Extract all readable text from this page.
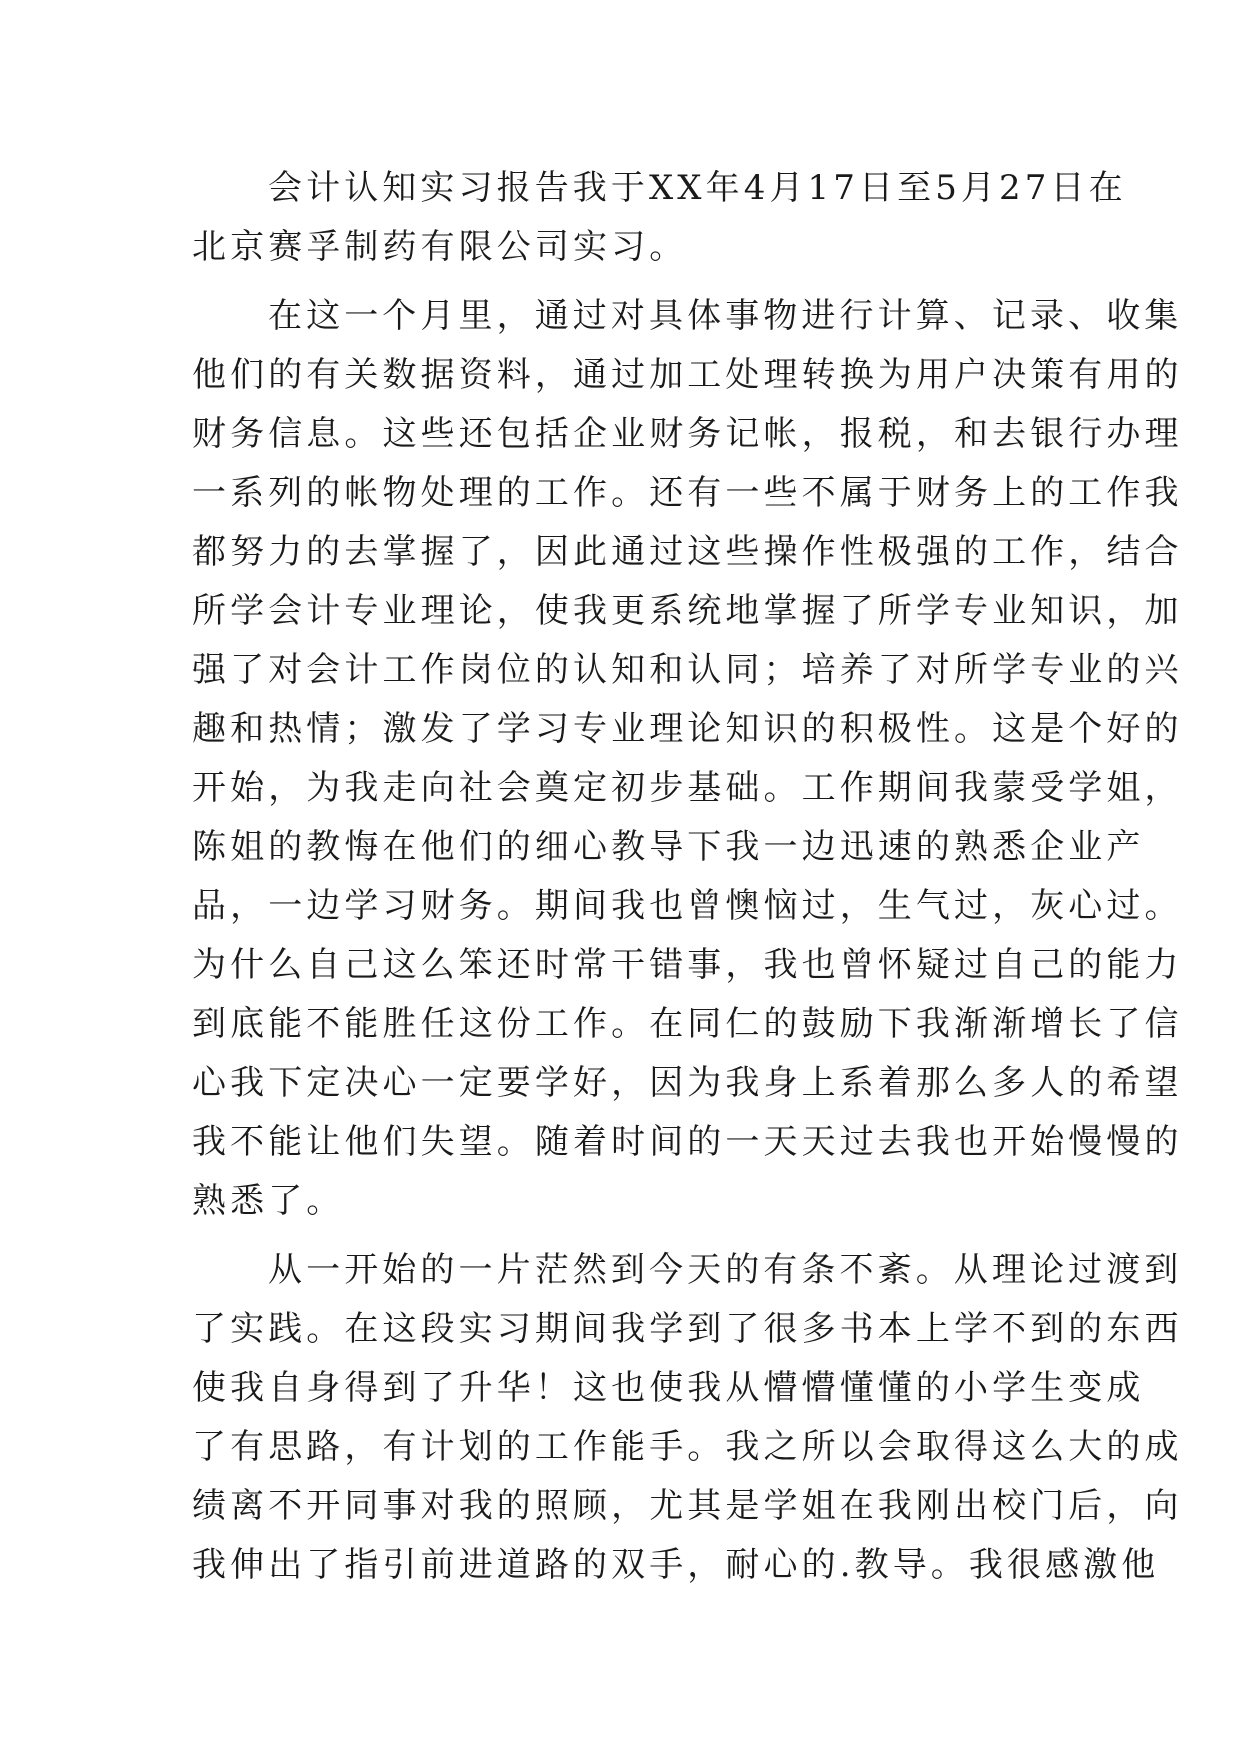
会计认知实习报告我于XX年4月17日至5月27日在
北京赛孚制药有限公司实习。
在这一个月里，通过对具体事物进行计算、记录、收集
他们的有关数据资料，通过加工处理转换为用户决策有用的
财务信息。这些还包括企业财务记帐，报税，和去银行办理
一系列的帐物处理的工作。还有一些不属于财务上的工作我
都努力的去掌握了，因此通过这些操作性极强的工作，结合
所学会计专业理论，使我更系统地掌握了所学专业知识，加
强了对会计工作岗位的认知和认同；培养了对所学专业的兴
趣和热情；激发了学习专业理论知识的积极性。这是个好的
开始，为我走向社会奠定初步基础。工作期间我蒙受学姐，
陈姐的教悔在他们的细心教导下我一边迅速的熟悉企业产
品，一边学习财务。期间我也曾懊恼过，生气过，灰心过。
为什么自己这么笨还时常干错事，我也曾怀疑过自己的能力
到底能不能胜任这份工作。在同仁的鼓励下我渐渐增长了信
心我下定决心一定要学好，因为我身上系着那么多人的希望
我不能让他们失望。随着时间的一天天过去我也开始慢慢的
熟悉了。
从一开始的一片茫然到今天的有条不紊。从理论过渡到
了实践。在这段实习期间我学到了很多书本上学不到的东西
使我自身得到了升华！这也使我从懵懵懂懂的小学生变成
了有思路，有计划的工作能手。我之所以会取得这么大的成
绩离不开同事对我的照顾，尤其是学姐在我刚出校门后，向
我伸出了指引前进道路的双手，耐心的.教导。我很感激他
